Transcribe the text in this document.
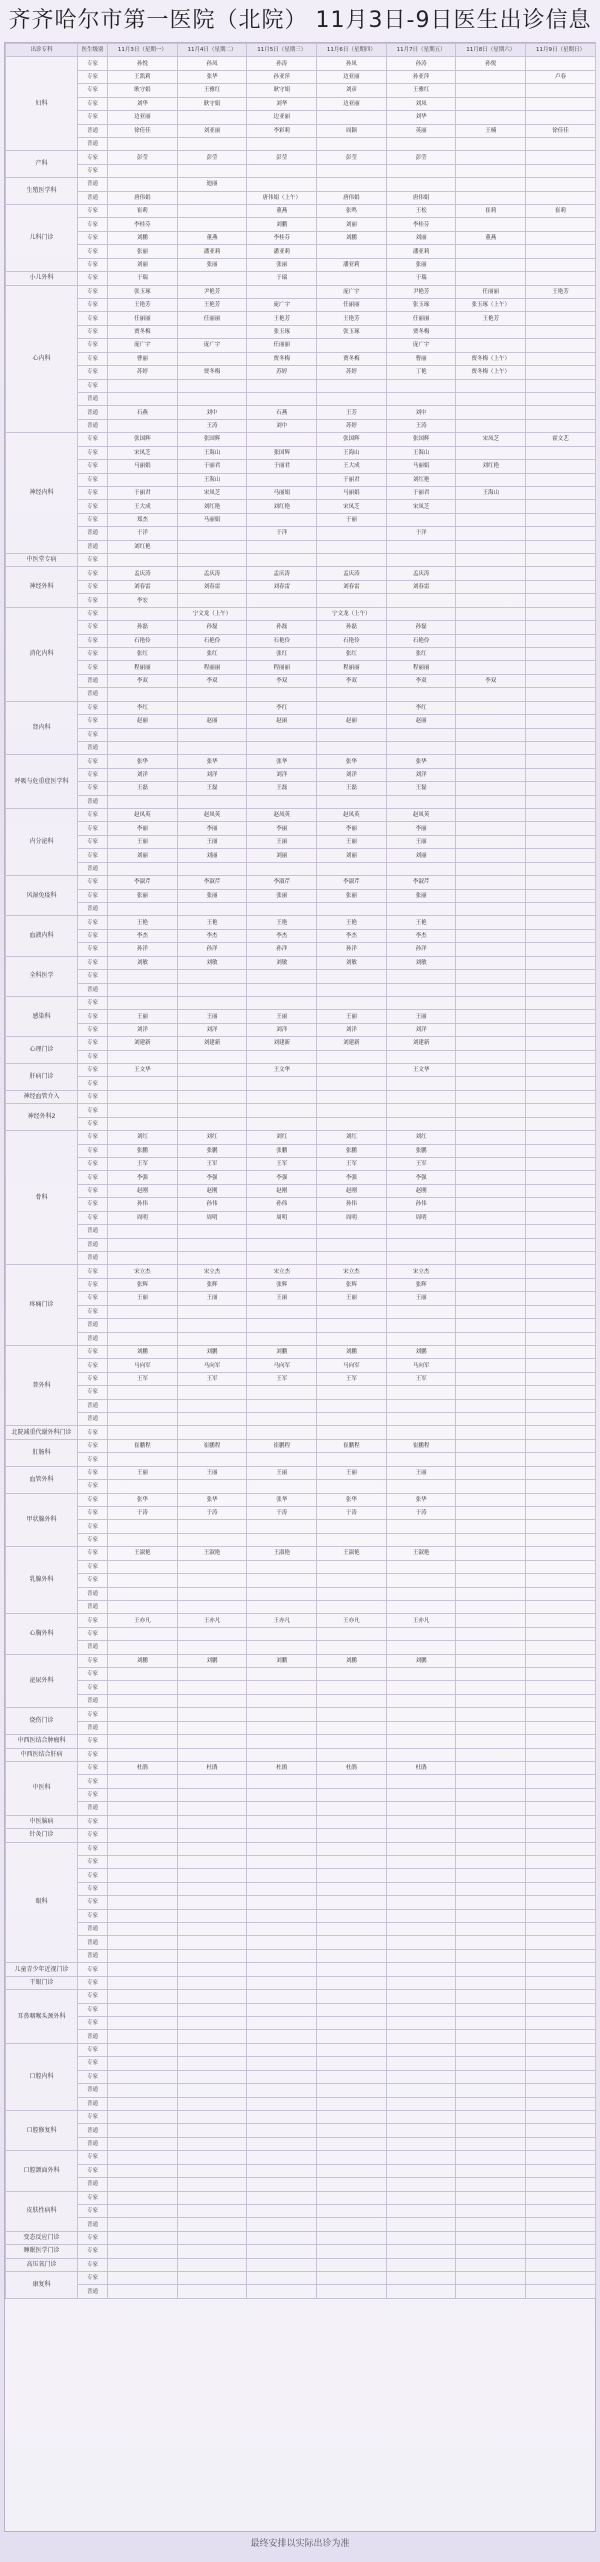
齐齐哈尔市第一医院（北院） 11月3日-9日医生出诊信息
出诊专科	医生级别	11月3日（星期一）	11月4日（星期二）	11月5日（星期三）	11月6日（星期四）	11月7日（星期五）	11月8日（星期六）	11月9日（星期日）
妇科	专家	孙悦	孙凤	孙涛	孙凤	孙涛	孙悦	
	专家	王凯莉	张华	孙亚萍	边亚丽	孙亚萍		卢春
	专家	耿守娟	王雅红	耿守娟	刘彦	王雅红		
	专家	刘华	耿守娟	刘华	边亚丽	刘凤		
	专家	边亚丽		边亚丽		刘华		
	普通	徐佳佳	刘亚丽	李彩莉	周颖	英丽	王楠	徐佳佳
	普通							
产科	专家	彭莹	彭莹	彭莹	彭莹	彭莹		
	专家							
生殖医学科	普通		迪丽					
	普通	唐伟娟		唐伟娟（上午）	唐伟娟	唐伟娟		
儿科门诊	专家	崔莉		董燕	张鸣	王松	崔莉	崔莉
	专家	李桂芬		刘鹏	刘丽	李桂芬		
	专家	刘鹏	董燕	李桂芬	刘鹏	刘丽	董燕	
	专家	张丽	潘亚莉	潘亚莉		潘亚莉		
	专家	刘丽	张丽	张丽	潘亚莉	张丽		
小儿外科	专家	于瑞		于瑞		于瑞		
心内科	专家	张玉琢	尹艳芳		庞广宇	尹艳芳	任丽丽	王艳芳
	专家	王艳芳	王艳芳	庞广宇	任丽丽	张玉琢	张玉琢（上午）	
	专家	任丽丽	任丽丽	王艳芳	王艳芳	任丽丽	王艳芳	
	专家	贾冬梅		张玉琢	张玉琢	贾冬梅		
	专家	庞广宇	庞广宇	任丽丽		庞广宇		
	专家	曹丽		贾冬梅	贾冬梅	曹丽	贾冬梅（上午）	
	专家	苏婷	贾冬梅	苏婷	苏婷	丁艳	贾冬梅（上午）	
	专家							
	普通							
	普通	石燕	刘中	石燕	王芳	刘中		
	普通		王涛	刘中	苏婷	王涛		
神经内科	专家	张国辉	张国辉		张国辉	张国辉	宋凤芝	霍文艺
	专家	宋凤芝	王海山	张国辉	王海山	王海山		
	专家	马丽娟	于丽君	于丽君	王大成	马丽娟	刘红艳	
	专家		王海山		于丽君	刘红艳		
	专家	于丽君	宋凤芝	马丽娟	马丽娟	于丽君	王海山	
	专家	王大成	刘红艳	刘红艳	宋凤芝	宋凤芝		
	专家	郑杰	马丽娟		于丽			
	普通	于洋		于洋		于洋		
	普通	刘红艳						
中医堂专病	专家							
神经外科	专家	孟庆涛	孟庆涛	孟庆涛	孟庆涛	孟庆涛		
	专家	刘春雷	刘春雷	刘春雷	刘春雷	刘春雷		
	专家	李宏						
消化内科	专家		宁文龙（上午）		宁文龙（上午）			
	专家	孙磊	孙磊	孙磊	孙磊	孙磊		
	专家	石艳伶	石艳伶	石艳伶	石艳伶	石艳伶		
	专家	张红	张红	张红	张红	张红		
	专家	程丽丽	程丽丽	程丽丽	程丽丽	程丽丽		
	普通	李双	李双	李双	李双	李双	李双	
	普通							
肾内科	专家	李红		李红		李红		
	专家	赵丽	赵丽	赵丽	赵丽	赵丽		
	专家							
	普通							
呼吸与危重症医学科	专家	张华	张华	张华	张华	张华		
	专家	刘洋	刘洋	刘洋	刘洋	刘洋		
	专家	王磊	王磊	王磊	王磊	王磊		
	普通							
内分泌科	专家	赵凤英	赵凤英	赵凤英	赵凤英	赵凤英		
	专家	李丽	李丽	李丽	李丽	李丽		
	专家	王丽	王丽	王丽	王丽	王丽		
	专家	刘丽	刘丽	刘丽	刘丽	刘丽		
	普通							
风湿免疫科	专家	李淑芹	李淑芹	李淑芹	李淑芹	李淑芹		
	专家	张丽	张丽	张丽	张丽	张丽		
	普通							
血液内科	专家	王艳	王艳	王艳	王艳	王艳		
	专家	李杰	李杰	李杰	李杰	李杰		
	专家	孙洋	孙洋	孙洋	孙洋	孙洋		
全科医学	专家	刘敏	刘敏	刘敏	刘敏	刘敏		
	专家							
	普通							
感染科	专家							
	专家	王丽	王丽	王丽	王丽	王丽		
	专家	刘洋	刘洋	刘洋	刘洋	刘洋		
心理门诊	专家	刘建新	刘建新	刘建新	刘建新	刘建新		
	专家							
肝病门诊	专家	王文华		王文华		王文华		
	专家							
神经血管介入	专家							
神经外科2	专家							
	专家							
骨科	专家	刘红	刘红	刘红	刘红	刘红		
	专家	张鹏	张鹏	张鹏	张鹏	张鹏		
	专家	王军	王军	王军	王军	王军		
	专家	李强	李强	李强	李强	李强		
	专家	赵刚	赵刚	赵刚	赵刚	赵刚		
	专家	孙伟	孙伟	孙伟	孙伟	孙伟		
	专家	周明	周明	周明	周明	周明		
	普通							
	普通							
	普通							
疼痛门诊	专家	宋立杰	宋立杰	宋立杰	宋立杰	宋立杰		
	专家	张辉	张辉	张辉	张辉	张辉		
	专家	王丽	王丽	王丽	王丽	王丽		
	专家							
	普通							
	普通							
普外科	专家	刘鹏	刘鹏	刘鹏	刘鹏	刘鹏		
	专家	马向军	马向军	马向军	马向军	马向军		
	专家	王军	王军	王军	王军	王军		
	专家							
	普通							
	普通							
北院减重代谢外科门诊	专家							
肛肠科	专家	崔鹏程	崔鹏程	崔鹏程	崔鹏程	崔鹏程		
	专家							
血管外科	专家	王丽	王丽	王丽	王丽	王丽		
	专家							
甲状腺外科	专家	张华	张华	张华	张华	张华		
	专家	于涛	于涛	于涛	于涛	于涛		
	专家							
	专家							
乳腺外科	专家	王淑艳	王淑艳	王淑艳	王淑艳	王淑艳		
	专家							
	专家							
	普通							
	普通							
心胸外科	专家	王亦凡	王亦凡	王亦凡	王亦凡	王亦凡		
	专家							
	普通							
泌尿外科	专家	刘鹏	刘鹏	刘鹏	刘鹏	刘鹏		
	专家							
	专家							
	普通							
烧伤门诊	专家							
	普通							
中西医结合肿瘤科	专家							
中西医结合肝病	专家							
中医科	专家	杜鹃	杜鹃	杜鹃	杜鹃	杜鹃		
	专家							
	专家							
	普通							
中医脑病	专家							
针灸门诊	专家							
眼科	专家							
	专家							
	专家							
	专家							
	专家							
	专家							
	普通							
	普通							
	普通							
儿童青少年近视门诊	专家							
干眼门诊	专家							
耳鼻咽喉头颈外科	专家							
	专家							
	专家							
	普通							
口腔内科	专家							
	专家							
	专家							
	普通							
	普通							
口腔修复科	专家							
	普通							
	普通							
口腔颌面外科	专家							
	专家							
	普通							
皮肤性病科	专家							
	专家							
	普通							
变态反应门诊	专家							
睡眠医学门诊	专家							
高压氧门诊	专家							
康复科	专家							
	普通							
最终安排以实际出诊为准
